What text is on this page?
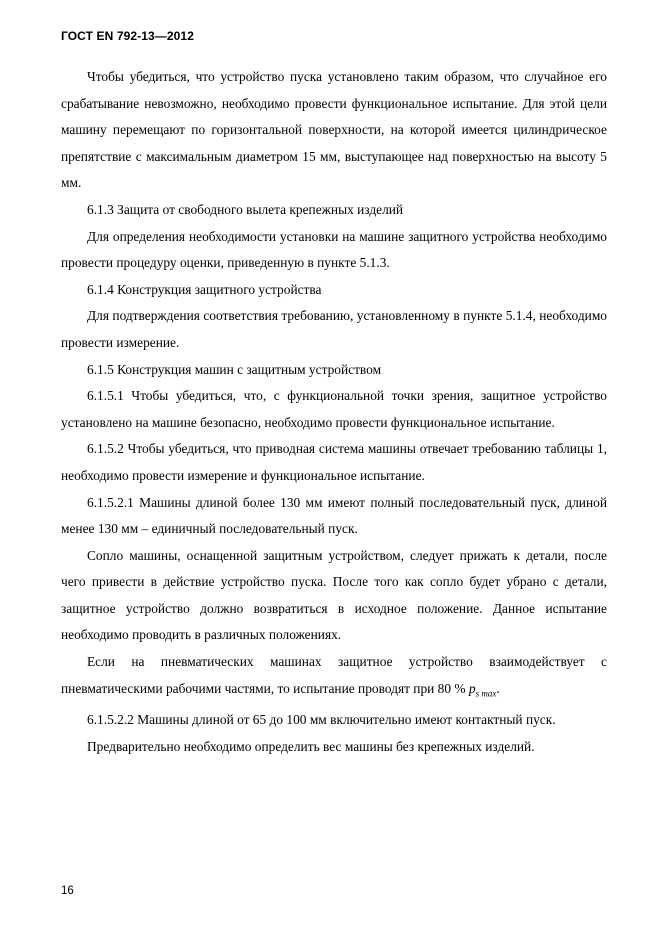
ГОСТ EN 792-13—2012

Чтобы убедиться, что устройство пуска установлено таким образом, что случайное его срабатывание невозможно, необходимо провести функциональное испытание. Для этой цели машину перемещают по горизонтальной поверхности, на которой имеется цилиндрическое препятствие с максимальным диаметром 15 мм, выступающее над поверхностью на высоту 5 мм.

6.1.3 Защита от свободного вылета крепежных изделий

Для определения необходимости установки на машине защитного устройства необходимо провести процедуру оценки, приведенную в пункте 5.1.3.

6.1.4 Конструкция защитного устройства

Для подтверждения соответствия требованию, установленному в пункте 5.1.4, необходимо провести измерение.

6.1.5 Конструкция машин с защитным устройством

6.1.5.1 Чтобы убедиться, что, с функциональной точки зрения, защитное устройство установлено на машине безопасно, необходимо провести функциональное испытание.

6.1.5.2 Чтобы убедиться, что приводная система машины отвечает требованию таблицы 1, необходимо провести измерение и функциональное испытание.

6.1.5.2.1 Машины длиной более 130 мм имеют полный последовательный пуск, длиной менее 130 мм – единичный последовательный пуск.

Сопло машины, оснащенной защитным устройством, следует прижать к детали, после чего привести в действие устройство пуска. После того как сопло будет убрано с детали, защитное устройство должно возвратиться в исходное положение. Данное испытание необходимо проводить в различных положениях.

Если на пневматических машинах защитное устройство взаимодействует с пневматическими рабочими частями, то испытание проводят при 80 % $p_{s max}$.

6.1.5.2.2 Машины длиной от 65 до 100 мм включительно имеют контактный пуск.

Предварительно необходимо определить вес машины без крепежных изделий.

16
